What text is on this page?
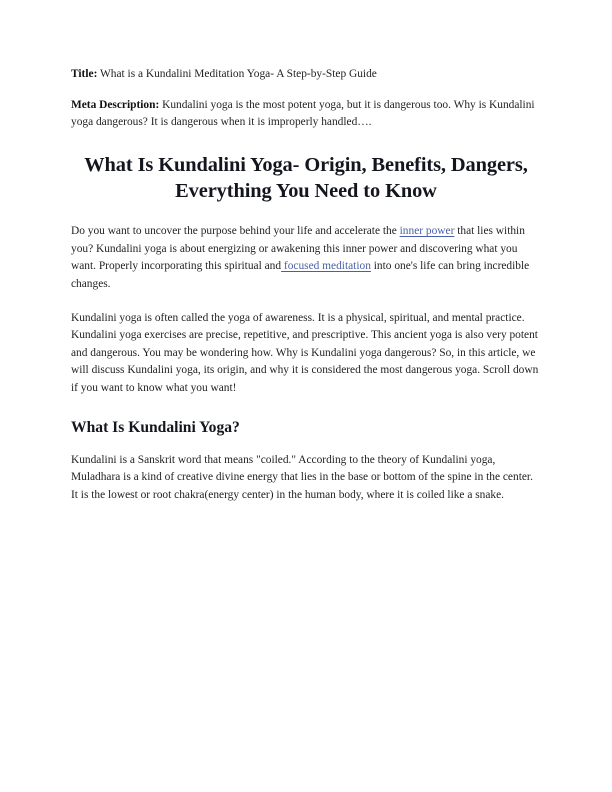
Title: What is a Kundalini Meditation Yoga- A Step-by-Step Guide

Meta Description: Kundalini yoga is the most potent yoga, but it is dangerous too. Why is Kundalini yoga dangerous? It is dangerous when it is improperly handled….

What Is Kundalini Yoga- Origin, Benefits, Dangers, Everything You Need to Know

Do you want to uncover the purpose behind your life and accelerate the inner power that lies within you? Kundalini yoga is about energizing or awakening this inner power and discovering what you want. Properly incorporating this spiritual and focused meditation into one's life can bring incredible changes.

Kundalini yoga is often called the yoga of awareness. It is a physical, spiritual, and mental practice. Kundalini yoga exercises are precise, repetitive, and prescriptive. This ancient yoga is also very potent and dangerous. You may be wondering how. Why is Kundalini yoga dangerous? So, in this article, we will discuss Kundalini yoga, its origin, and why it is considered the most dangerous yoga. Scroll down if you want to know what you want!

What Is Kundalini Yoga?

Kundalini is a Sanskrit word that means "coiled." According to the theory of Kundalini yoga, Muladhara is a kind of creative divine energy that lies in the base or bottom of the spine in the center. It is the lowest or root chakra(energy center) in the human body, where it is coiled like a snake.
